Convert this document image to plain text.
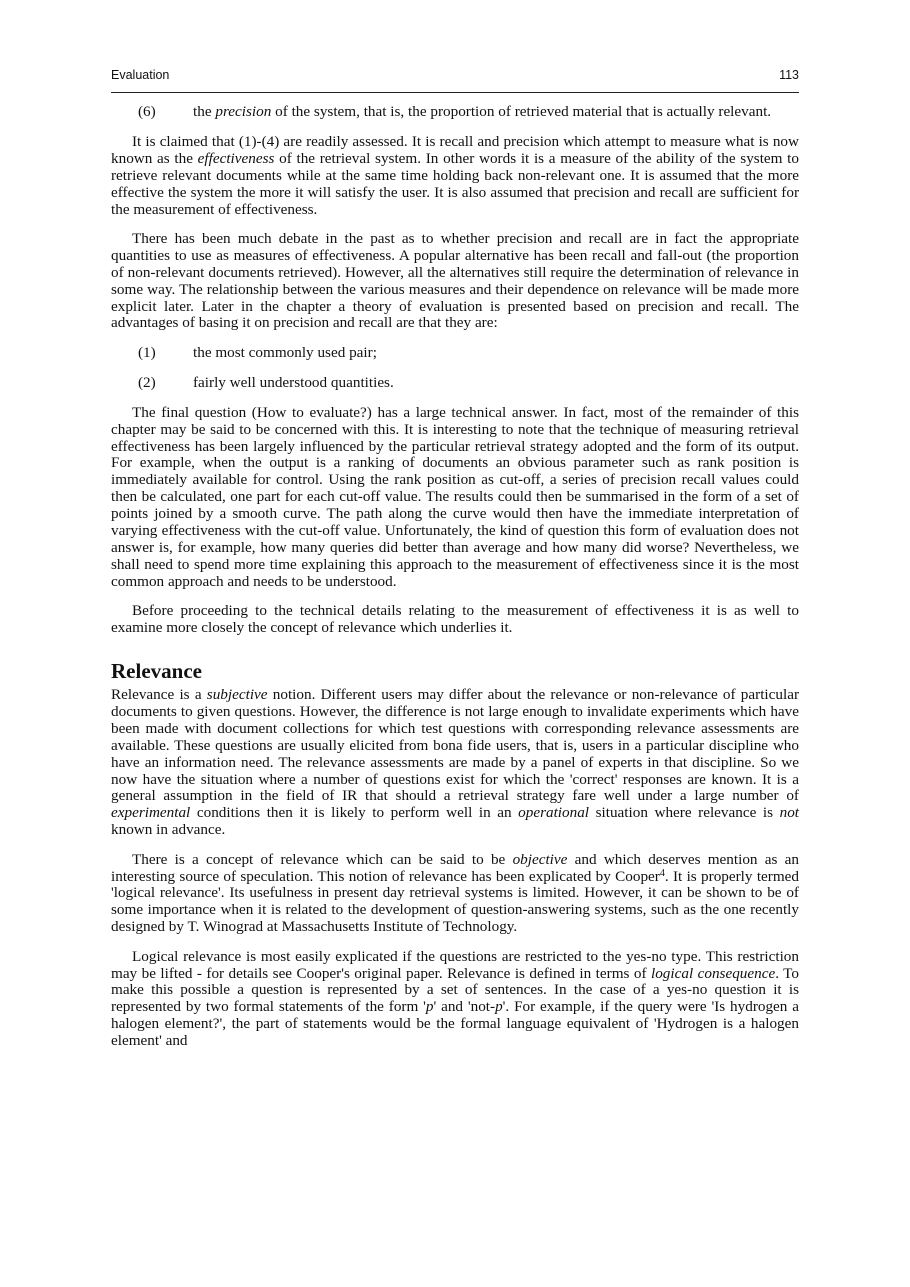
Evaluation	113
(6)	the precision of the system, that is, the proportion of retrieved material that is actually relevant.

It is claimed that (1)-(4) are readily assessed. It is recall and precision which attempt to measure what is now known as the effectiveness of the retrieval system. In other words it is a measure of the ability of the system to retrieve relevant documents while at the same time holding back non-relevant one. It is assumed that the more effective the system the more it will satisfy the user. It is also assumed that precision and recall are sufficient for the measurement of effectiveness.

There has been much debate in the past as to whether precision and recall are in fact the appropriate quantities to use as measures of effectiveness. A popular alternative has been recall and fall-out (the proportion of non-relevant documents retrieved). However, all the alternatives still require the determination of relevance in some way. The relationship between the various measures and their dependence on relevance will be made more explicit later. Later in the chapter a theory of evaluation is presented based on precision and recall. The advantages of basing it on precision and recall are that they are:

(1)	the most commonly used pair;
(2)	fairly well understood quantities.

The final question (How to evaluate?) has a large technical answer. In fact, most of the remainder of this chapter may be said to be concerned with this. It is interesting to note that the technique of measuring retrieval effectiveness has been largely influenced by the particular retrieval strategy adopted and the form of its output. For example, when the output is a ranking of documents an obvious parameter such as rank position is immediately available for control. Using the rank position as cut-off, a series of precision recall values could then be calculated, one part for each cut-off value. The results could then be summarised in the form of a set of points joined by a smooth curve. The path along the curve would then have the immediate interpretation of varying effectiveness with the cut-off value. Unfortunately, the kind of question this form of evaluation does not answer is, for example, how many queries did better than average and how many did worse? Nevertheless, we shall need to spend more time explaining this approach to the measurement of effectiveness since it is the most common approach and needs to be understood.

Before proceeding to the technical details relating to the measurement of effectiveness it is as well to examine more closely the concept of relevance which underlies it.

Relevance

Relevance is a subjective notion. Different users may differ about the relevance or non-relevance of particular documents to given questions. However, the difference is not large enough to invalidate experiments which have been made with document collections for which test questions with corresponding relevance assessments are available. These questions are usually elicited from bona fide users, that is, users in a particular discipline who have an information need. The relevance assessments are made by a panel of experts in that discipline. So we now have the situation where a number of questions exist for which the 'correct' responses are known. It is a general assumption in the field of IR that should a retrieval strategy fare well under a large number of experimental conditions then it is likely to perform well in an operational situation where relevance is not known in advance.

There is a concept of relevance which can be said to be objective and which deserves mention as an interesting source of speculation. This notion of relevance has been explicated by Cooper$^4$. It is properly termed 'logical relevance'. Its usefulness in present day retrieval systems is limited. However, it can be shown to be of some importance when it is related to the development of question-answering systems, such as the one recently designed by T. Winograd at Massachusetts Institute of Technology.

Logical relevance is most easily explicated if the questions are restricted to the yes-no type. This restriction may be lifted - for details see Cooper's original paper. Relevance is defined in terms of logical consequence. To make this possible a question is represented by a set of sentences. In the case of a yes-no question it is represented by two formal statements of the form 'p' and 'not-p'. For example, if the query were 'Is hydrogen a halogen element?', the part of statements would be the formal language equivalent of 'Hydrogen is a halogen element' and
